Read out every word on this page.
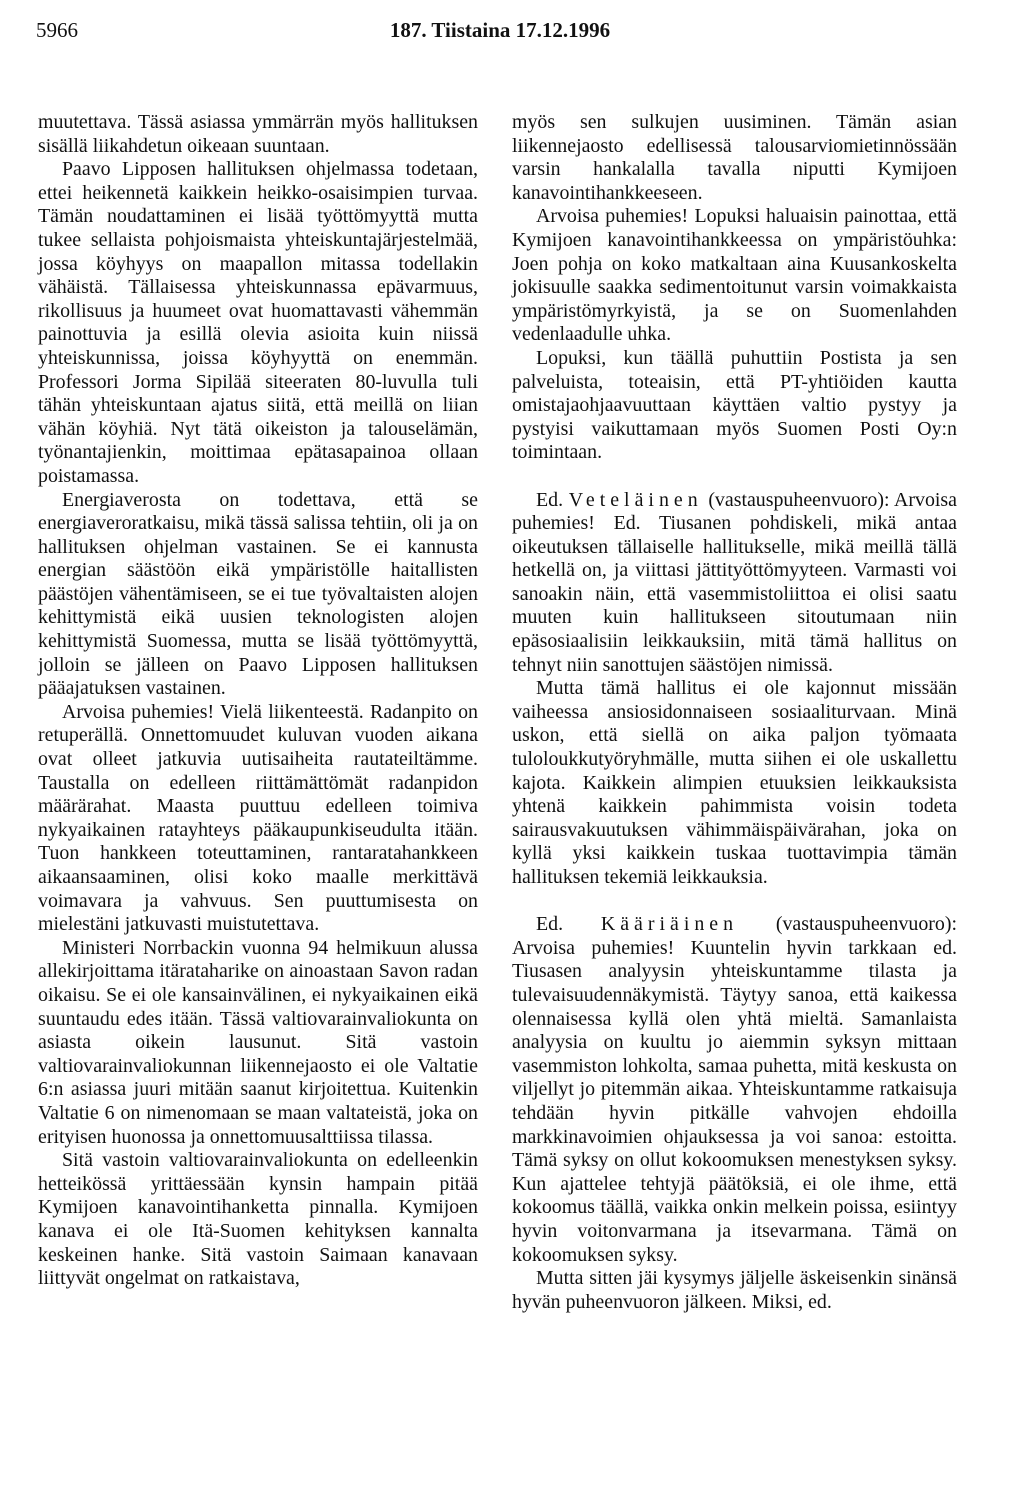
5966	187. Tiistaina 17.12.1996

muutettava. Tässä asiassa ymmärrän myös hallituksen sisällä liikahdetun oikeaan suuntaan.

Paavo Lipposen hallituksen ohjelmassa todetaan, ettei heikennetä kaikkein heikko-osaisimpien turvaa. Tämän noudattaminen ei lisää työttömyyttä mutta tukee sellaista pohjoismaista yhteiskuntajärjestelmää, jossa köyhyys on maapallon mitassa todellakin vähäistä. Tällaisessa yhteiskunnassa epävarmuus, rikollisuus ja huumeet ovat huomattavasti vähemmän painottuvia ja esillä olevia asioita kuin niissä yhteiskunnissa, joissa köyhyyttä on enemmän. Professori Jorma Sipilää siteeraten 80-luvulla tuli tähän yhteiskuntaan ajatus siitä, että meillä on liian vähän köyhiä. Nyt tätä oikeiston ja talouselämän, työnantajienkin, moittimaa epätasapainoa ollaan poistamassa.

Energiaverosta on todettava, että se energiaveroratkaisu, mikä tässä salissa tehtiin, oli ja on hallituksen ohjelman vastainen. Se ei kannusta energian säästöön eikä ympäristölle haitallisten päästöjen vähentämiseen, se ei tue työvaltaisten alojen kehittymistä eikä uusien teknologisten alojen kehittymistä Suomessa, mutta se lisää työttömyyttä, jolloin se jälleen on Paavo Lipposen hallituksen pääajatuksen vastainen.

Arvoisa puhemies! Vielä liikenteestä. Radanpito on retuperällä. Onnettomuudet kuluvan vuoden aikana ovat olleet jatkuvia uutisaiheita rautateiltämme. Taustalla on edelleen riittämättömät radanpidon määrärahat. Maasta puuttuu edelleen toimiva nykyaikainen ratayhteys pääkaupunkiseudulta itään. Tuon hankkeen toteuttaminen, rantaratahankkeen aikaansaaminen, olisi koko maalle merkittävä voimavara ja vahvuus. Sen puuttumisesta on mielestäni jatkuvasti muistutettava.

Ministeri Norrbackin vuonna 94 helmikuun alussa allekirjoittama itärataharike on ainoastaan Savon radan oikaisu. Se ei ole kansainvälinen, ei nykyaikainen eikä suuntaudu edes itään. Tässä valtiovarainvaliokunta on asiasta oikein lausunut. Sitä vastoin valtiovarainvaliokunnan liikennejaosto ei ole Valtatie 6:n asiassa juuri mitään saanut kirjoitettua. Kuitenkin Valtatie 6 on nimenomaan se maan valtateistä, joka on erityisen huonossa ja onnettomuusalttiissa tilassa.

Sitä vastoin valtiovarainvaliokunta on edelleenkin hetteikössä yrittäessään kynsin hampain pitää Kymijoen kanavointihanketta pinnalla. Kymijoen kanava ei ole Itä-Suomen kehityksen kannalta keskeinen hanke. Sitä vastoin Saimaan kanavaan liittyvät ongelmat on ratkaistava,

myös sen sulkujen uusiminen. Tämän asian liikennejaosto edellisessä talousarviomietinnössään varsin hankalalla tavalla niputti Kymijoen kanavointihankkeeseen.

Arvoisa puhemies! Lopuksi haluaisin painottaa, että Kymijoen kanavointihankkeessa on ympäristöuhka: Joen pohja on koko matkaltaan aina Kuusankoskelta jokisuulle saakka sedimentoitunut varsin voimakkaista ympäristömyrkyistä, ja se on Suomenlahden vedenlaadulle uhka.

Lopuksi, kun täällä puhuttiin Postista ja sen palveluista, toteaisin, että PT-yhtiöiden kautta omistajaohjaavuuttaan käyttäen valtio pystyy ja pystyisi vaikuttamaan myös Suomen Posti Oy:n toimintaan.

Ed. Veteläinen (vastauspuheenvuoro): Arvoisa puhemies! Ed. Tiusanen pohdiskeli, mikä antaa oikeutuksen tällaiselle hallitukselle, mikä meillä tällä hetkellä on, ja viittasi jättityöttömyyteen. Varmasti voi sanoakin näin, että vasemmistoliittoa ei olisi saatu muuten kuin hallitukseen sitoutumaan niin epäsosiaalisiin leikkauksiin, mitä tämä hallitus on tehnyt niin sanottujen säästöjen nimissä.

Mutta tämä hallitus ei ole kajonnut missään vaiheessa ansiosidonnaiseen sosiaaliturvaan. Minä uskon, että siellä on aika paljon työmaata tuloloukkutyöryhmälle, mutta siihen ei ole uskallettu kajota. Kaikkein alimpien etuuksien leikkauksista yhtenä kaikkein pahimmista voisin todeta sairausvakuutuksen vähimmäispäivärahan, joka on kyllä yksi kaikkein tuskaa tuottavimpia tämän hallituksen tekemiä leikkauksia.

Ed. Kääriäinen (vastauspuheenvuoro): Arvoisa puhemies! Kuuntelin hyvin tarkkaan ed. Tiusasen analyysin yhteiskuntamme tilasta ja tulevaisuudennäkymistä. Täytyy sanoa, että kaikessa olennaisessa kyllä olen yhtä mieltä. Samanlaista analyysia on kuultu jo aiemmin syksyn mittaan vasemmiston lohkolta, samaa puhetta, mitä keskusta on viljellyt jo pitemmän aikaa. Yhteiskuntamme ratkaisuja tehdään hyvin pitkälle vahvojen ehdoilla markkinavoimien ohjauksessa ja voi sanoa: estoitta. Tämä syksy on ollut kokoomuksen menestyksen syksy. Kun ajattelee tehtyjä päätöksiä, ei ole ihme, että kokoomus täällä, vaikka onkin melkein poissa, esiintyy hyvin voitonvarmana ja itsevarmana. Tämä on kokoomuksen syksy.

Mutta sitten jäi kysymys jäljelle äskeisenkin sinänsä hyvän puheenvuoron jälkeen. Miksi, ed.
